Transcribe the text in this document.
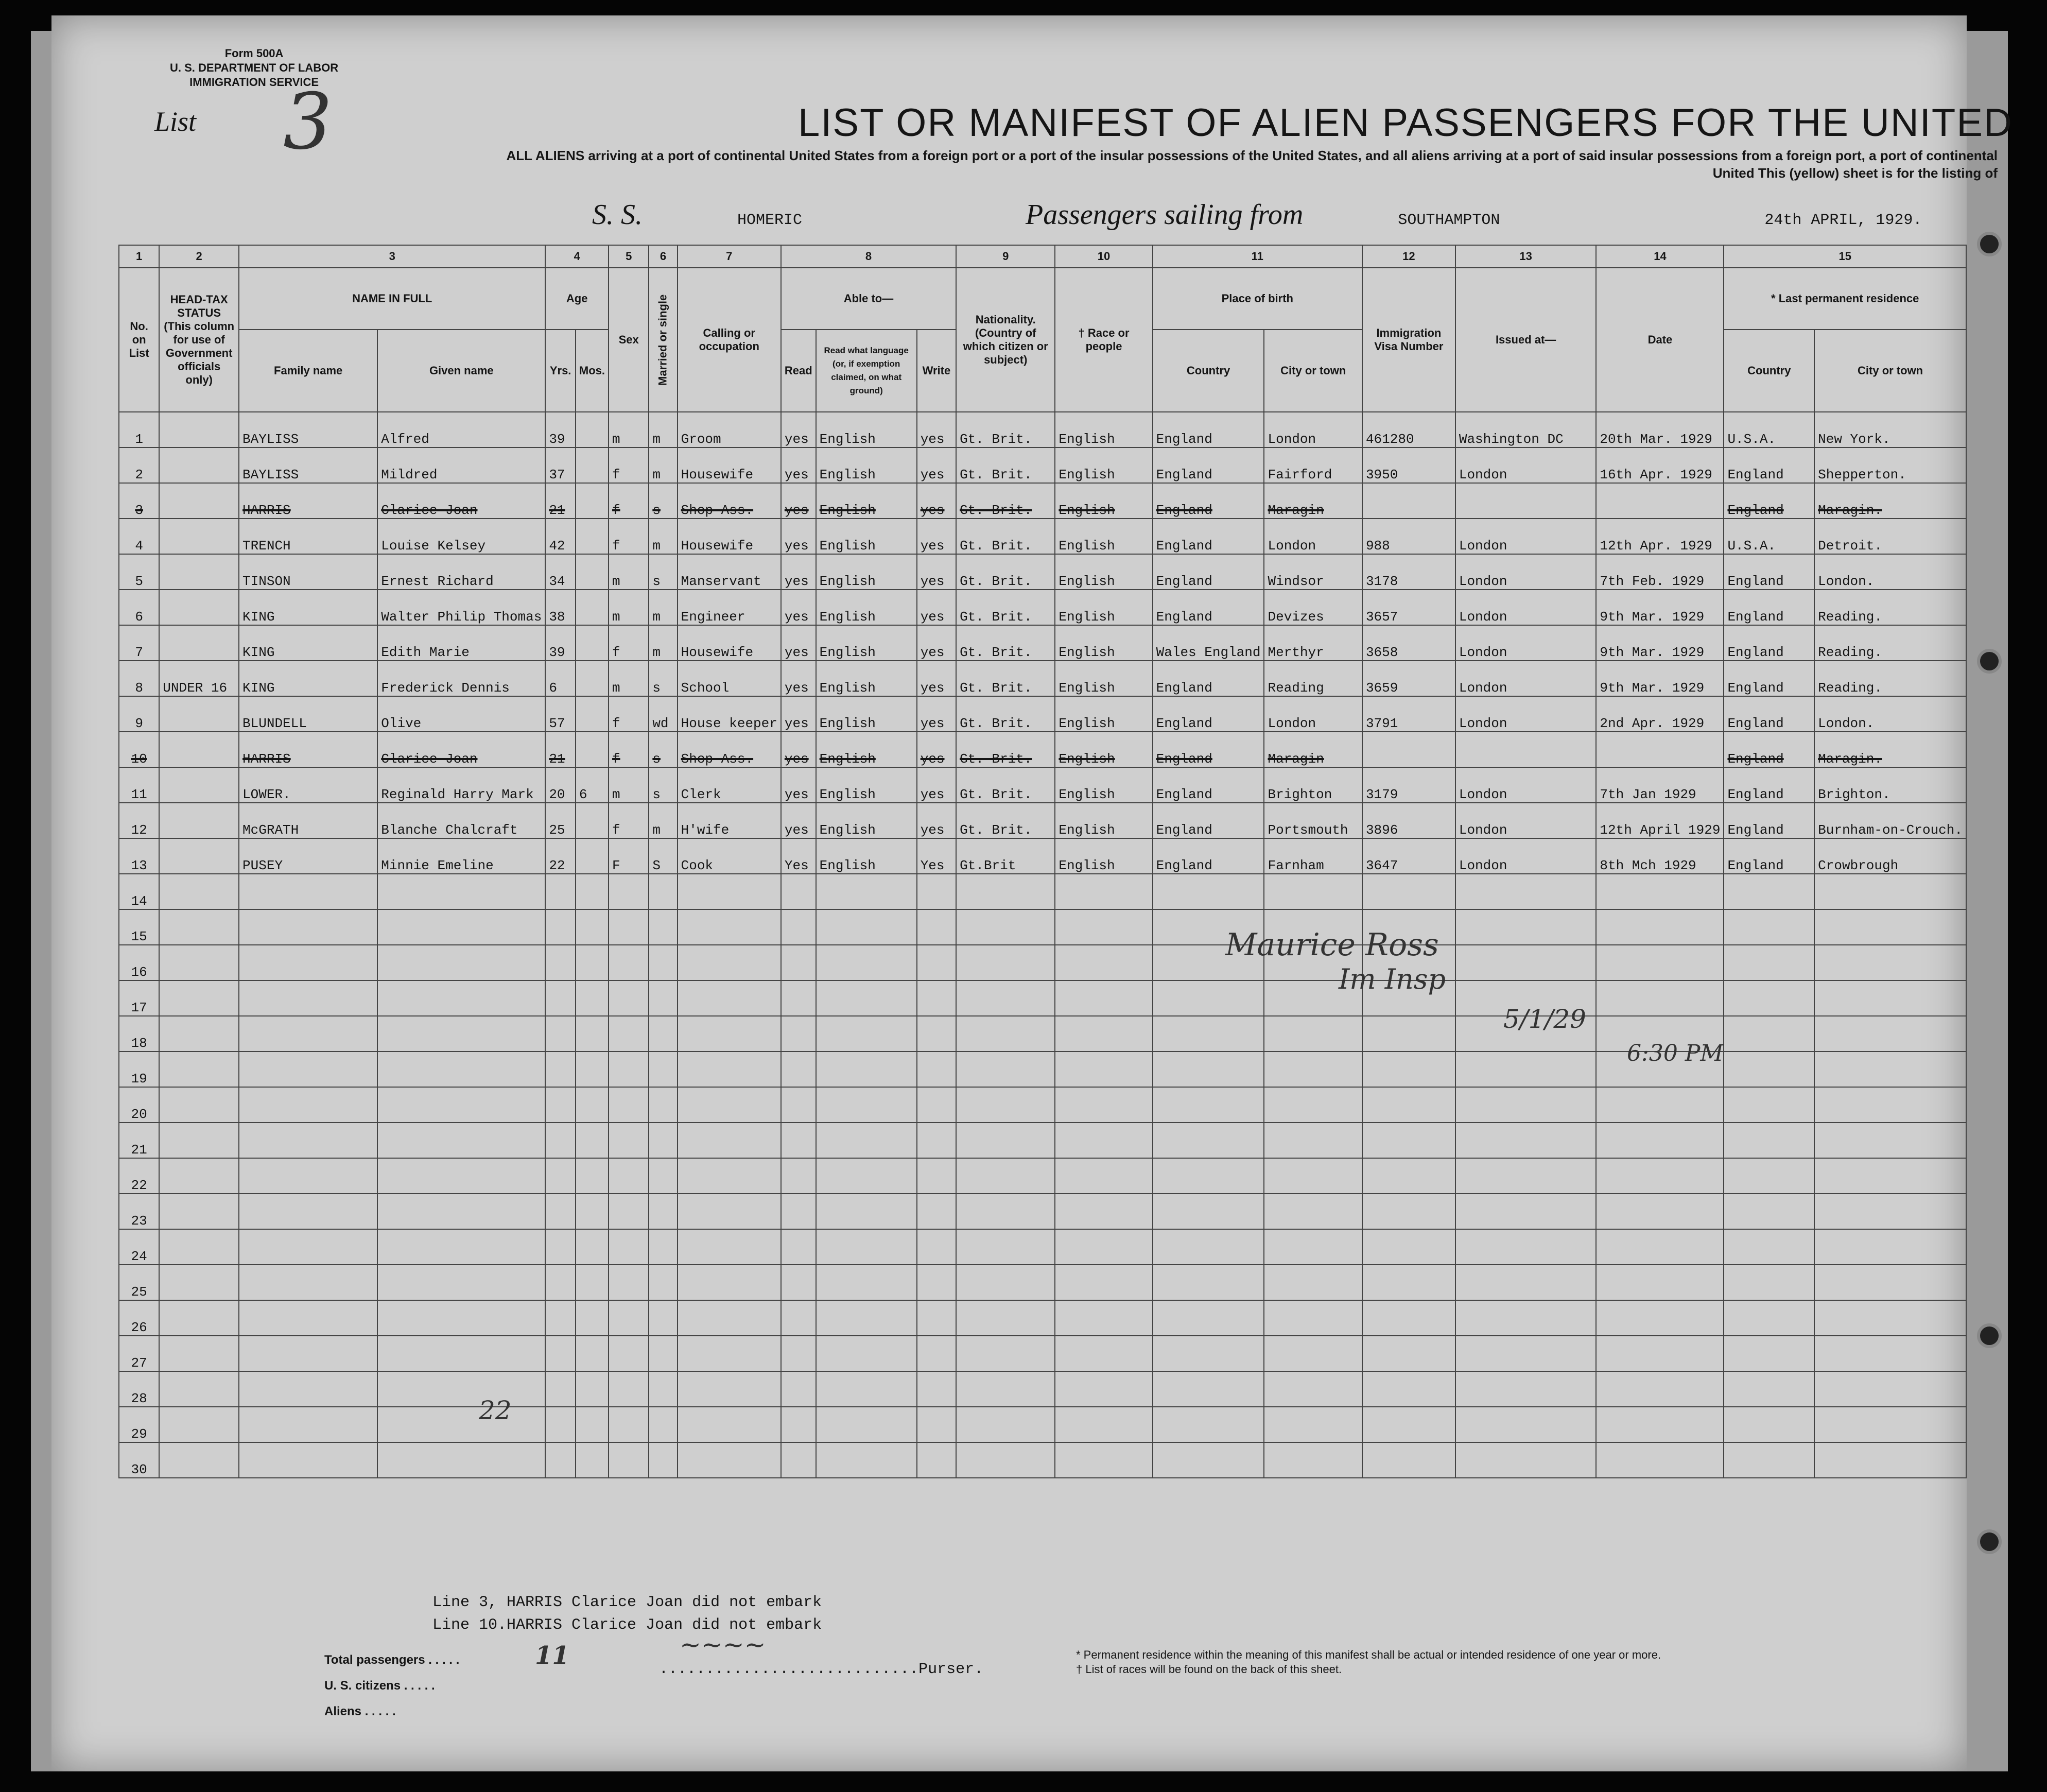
Form 500A
U. S. DEPARTMENT OF LABOR
IMMIGRATION SERVICE
List 3	LIST OR MANIFEST OF ALIEN PASSENGERS FOR THE UNITED
ALL ALIENS arriving at a port of continental United States from a foreign port or a port of the insular possessions of the United States, and all aliens arriving at a port of said insular possessions from a foreign port, a port of continental United This (yellow) sheet is for the listing of
S. S.	HOMERIC	Passengers sailing from	SOUTHAMPTON	24th APRIL, 1929.
1	2	3		4		5	6	7	8			9	10	11		12	13	14	15	
No. on List	HEAD-TAX STATUS (This column for use of Government officials only)	NAME IN FULL		Age		Sex	Married or single	Calling or occupation	Able to—			Nationality. (Country of which citizen or subject)	† Race or people	Place of birth		Immigration Visa Number	Issued at—	Date	* Last permanent residence	
		Family name	Given name	Yrs.	Mos.				Read	Read what language (or, if exemption claimed, on what ground)	Write			Country	City or town				Country	City or town
1		BAYLISS	Alfred	39		m	m	Groom	yes	English	yes	Gt. Brit.	English	England	London	461280	Washington DC	20th Mar. 1929	U.S.A.	New York.
2		BAYLISS	Mildred	37		f	m	Housewife	yes	English	yes	Gt. Brit.	English	England	Fairford	3950	London	16th Apr. 1929	England	Shepperton.
3		HARRIS	Clarice Joan	21		f	s	Shop Ass.	yes	English	yes	Gt. Brit.	English	England	Maragin				England	Maragin.
4		TRENCH	Louise Kelsey	42		f	m	Housewife	yes	English	yes	Gt. Brit.	English	England	London	988	London	12th Apr. 1929	U.S.A.	Detroit.
5		TINSON	Ernest Richard	34		m	s	Manservant	yes	English	yes	Gt. Brit.	English	England	Windsor	3178	London	7th Feb. 1929	England	London.
6		KING	Walter Philip Thomas	38		m	m	Engineer	yes	English	yes	Gt. Brit.	English	England	Devizes	3657	London	9th Mar. 1929	England	Reading.
7		KING	Edith Marie	39		f	m	Housewife	yes	English	yes	Gt. Brit.	English	Wales England	Merthyr	3658	London	9th Mar. 1929	England	Reading.
8	UNDER 16	KING	Frederick Dennis	6		m	s	School	yes	English	yes	Gt. Brit.	English	England	Reading	3659	London	9th Mar. 1929	England	Reading.
9		BLUNDELL	Olive	57		f	wd	House keeper	yes	English	yes	Gt. Brit.	English	England	London	3791	London	2nd Apr. 1929	England	London.
10		HARRIS	Clarice Joan	21		f	s	Shop Ass.	yes	English	yes	Gt. Brit.	English	England	Maragin				England	Maragin.
11		LOWER.	Reginald Harry Mark	20	6	m	s	Clerk	yes	English	yes	Gt. Brit.	English	England	Brighton	3179	London	7th Jan 1929	England	Brighton.
12		McGRATH	Blanche Chalcraft	25		f	m	H'wife	yes	English	yes	Gt. Brit.	English	England	Portsmouth	3896	London	12th April 1929	England	Burnham-on-Crouch.
13		PUSEY	Minnie Emeline	22		F	S	Cook	Yes	English	Yes	Gt.Brit	English	England	Farnham	3647	London	8th Mch 1929	England	Crowbrough
14																				
15																				
16																				
17																				
18																				
19																				
20																				
21																				
22																				
23																				
24																				
25																				
26																				
27																				
28																				
29																				
30																				
Maurice Ross
Im Insp
5/1/29
6:30 PM
22
Line 3, HARRIS Clarice Joan did not embark
Line 10.HARRIS Clarice Joan did not embark
Total passengers . . . . .	11
U. S. citizens . . . . .
Aliens . . . . .
~~~~
............................Purser.
* Permanent residence within the meaning of this manifest shall be actual or intended residence of one year or more.
† List of races will be found on the back of this sheet.
